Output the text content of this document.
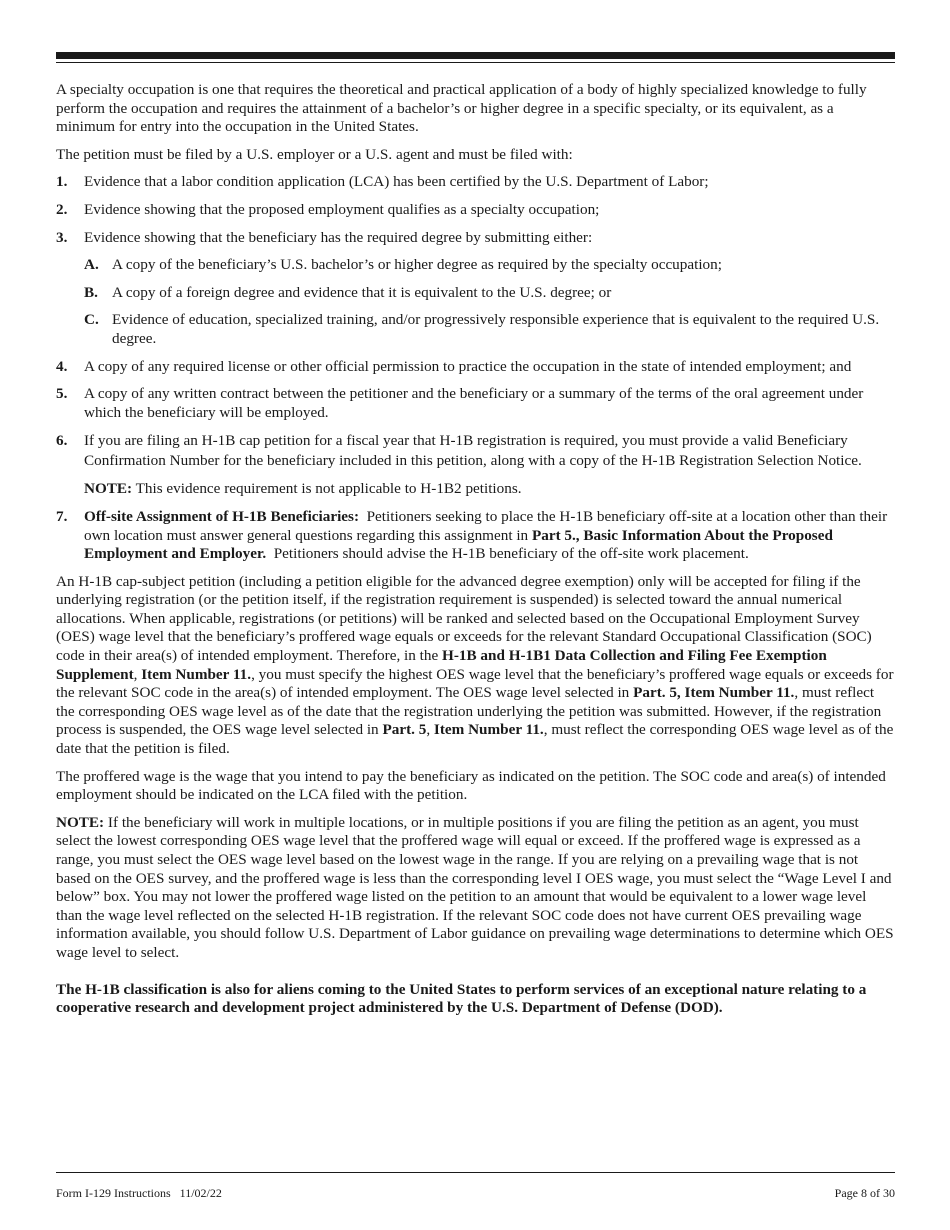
A specialty occupation is one that requires the theoretical and practical application of a body of highly specialized knowledge to fully perform the occupation and requires the attainment of a bachelor’s or higher degree in a specific specialty, or its equivalent, as a minimum for entry into the occupation in the United States.

The petition must be filed by a U.S. employer or a U.S. agent and must be filed with:

1. Evidence that a labor condition application (LCA) has been certified by the U.S. Department of Labor;
2. Evidence showing that the proposed employment qualifies as a specialty occupation;
3. Evidence showing that the beneficiary has the required degree by submitting either:
A. A copy of the beneficiary’s U.S. bachelor’s or higher degree as required by the specialty occupation;
B. A copy of a foreign degree and evidence that it is equivalent to the U.S. degree; or
C. Evidence of education, specialized training, and/or progressively responsible experience that is equivalent to the required U.S. degree.
4. A copy of any required license or other official permission to practice the occupation in the state of intended employment; and
5. A copy of any written contract between the petitioner and the beneficiary or a summary of the terms of the oral agreement under which the beneficiary will be employed.
6. If you are filing an H-1B cap petition for a fiscal year that H-1B registration is required, you must provide a valid Beneficiary Confirmation Number for the beneficiary included in this petition, along with a copy of the H-1B Registration Selection Notice.

NOTE: This evidence requirement is not applicable to H-1B2 petitions.

7. Off-site Assignment of H-1B Beneficiaries:  Petitioners seeking to place the H-1B beneficiary off-site at a location other than their own location must answer general questions regarding this assignment in Part 5., Basic Information About the Proposed Employment and Employer.  Petitioners should advise the H-1B beneficiary of the off-site work placement.

An H-1B cap-subject petition (including a petition eligible for the advanced degree exemption) only will be accepted for filing if the underlying registration (or the petition itself, if the registration requirement is suspended) is selected toward the annual numerical allocations. When applicable, registrations (or petitions) will be ranked and selected based on the Occupational Employment Survey (OES) wage level that the beneficiary’s proffered wage equals or exceeds for the relevant Standard Occupational Classification (SOC) code in their area(s) of intended employment. Therefore, in the H-1B and H-1B1 Data Collection and Filing Fee Exemption Supplement, Item Number 11., you must specify the highest OES wage level that the beneficiary’s proffered wage equals or exceeds for the relevant SOC code in the area(s) of intended employment. The OES wage level selected in Part. 5, Item Number 11., must reflect the corresponding OES wage level as of the date that the registration underlying the petition was submitted. However, if the registration process is suspended, the OES wage level selected in Part. 5, Item Number 11., must reflect the corresponding OES wage level as of the date that the petition is filed.

The proffered wage is the wage that you intend to pay the beneficiary as indicated on the petition. The SOC code and area(s) of intended employment should be indicated on the LCA filed with the petition.

NOTE: If the beneficiary will work in multiple locations, or in multiple positions if you are filing the petition as an agent, you must select the lowest corresponding OES wage level that the proffered wage will equal or exceed. If the proffered wage is expressed as a range, you must select the OES wage level based on the lowest wage in the range. If you are relying on a prevailing wage that is not based on the OES survey, and the proffered wage is less than the corresponding level I OES wage, you must select the “Wage Level I and below” box. You may not lower the proffered wage listed on the petition to an amount that would be equivalent to a lower wage level than the wage level reflected on the selected H-1B registration. If the relevant SOC code does not have current OES prevailing wage information available, you should follow U.S. Department of Labor guidance on prevailing wage determinations to determine which OES wage level to select.

The H-1B classification is also for aliens coming to the United States to perform services of an exceptional nature relating to a cooperative research and development project administered by the U.S. Department of Defense (DOD).

Form I-129 Instructions   11/02/22	Page 8 of 30
